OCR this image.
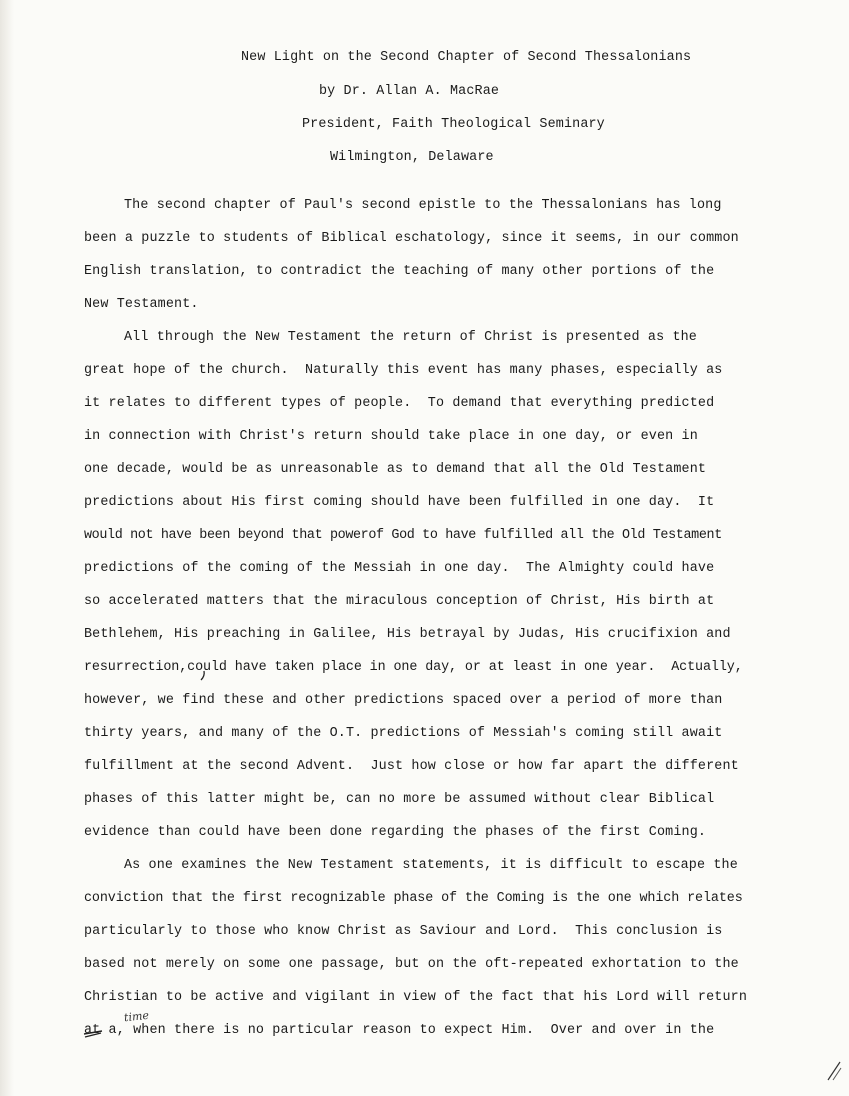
New Light on the Second Chapter of Second Thessalonians
by Dr. Allan A. MacRae
President, Faith Theological Seminary
Wilmington, Delaware
The second chapter of Paul's second epistle to the Thessalonians has long
been a puzzle to students of Biblical eschatology, since it seems, in our common
English translation, to contradict the teaching of many other portions of the
New Testament.
All through the New Testament the return of Christ is presented as the
great hope of the church.  Naturally this event has many phases, especially as
it relates to different types of people.  To demand that everything predicted
in connection with Christ's return should take place in one day, or even in
one decade, would be as unreasonable as to demand that all the Old Testament
predictions about His first coming should have been fulfilled in one day.  It
would not have been beyond that powerof God to have fulfilled all the Old Testament
predictions of the coming of the Messiah in one day.  The Almighty could have
so accelerated matters that the miraculous conception of Christ, His birth at
Bethlehem, His preaching in Galilee, His betrayal by Judas, His crucifixion and
resurrection,could have taken place in one day, or at least in one year.  Actually,
however, we find these and other predictions spaced over a period of more than
thirty years, and many of the O.T. predictions of Messiah's coming still await
fulfillment at the second Advent.  Just how close or how far apart the different
phases of this latter might be, can no more be assumed without clear Biblical
evidence than could have been done regarding the phases of the first Coming.
As one examines the New Testament statements, it is difficult to escape the
conviction that the first recognizable phase of the Coming is the one which relates
particularly to those who know Christ as Saviour and Lord.  This conclusion is
based not merely on some one passage, but on the oft-repeated exhortation to the
Christian to be active and vigilant in view of the fact that his Lord will return
at a, when there is no particular reason to expect Him.  Over and over in the
time
